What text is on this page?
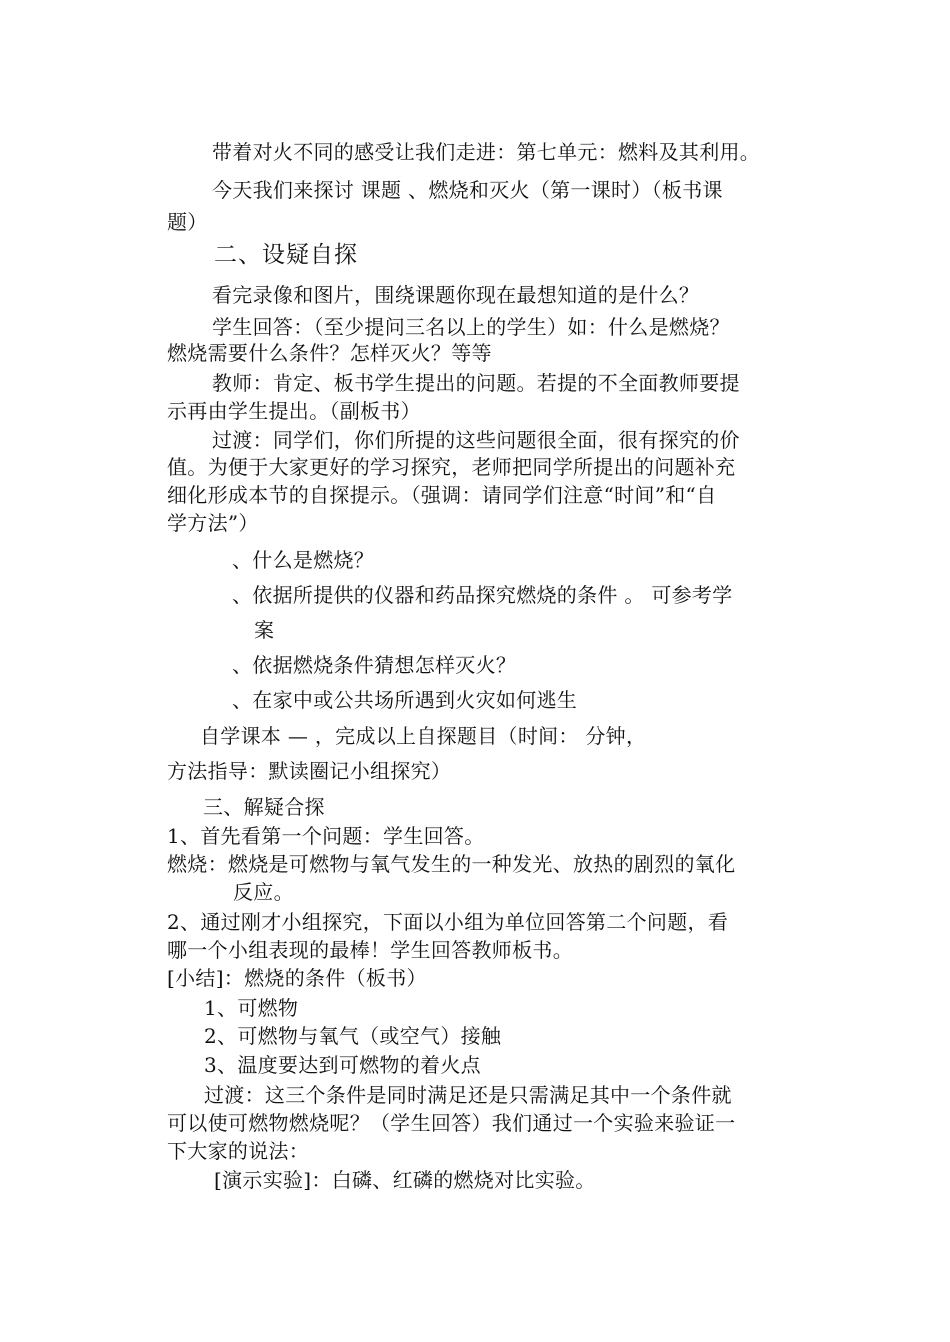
带着对火不同的感受让我们走进：第七单元：燃料及其利用。
今天我们来探讨 课题 、燃烧和灭火（第一课时）（板书课
题）
二、设疑自探
看完录像和图片，围绕课题你现在最想知道的是什么？
学生回答：（至少提问三名以上的学生）如：什么是燃烧？
燃烧需要什么条件？怎样灭火？等等
教师：肯定、板书学生提出的问题。若提的不全面教师要提
示再由学生提出。（副板书）
过渡：同学们，你们所提的这些问题很全面，很有探究的价
值。为便于大家更好的学习探究，老师把同学所提出的问题补充
细化形成本节的自探提示。（强调：请同学们注意“时间”和“自
学方法”）
、什么是燃烧？
、依据所提供的仪器和药品探究燃烧的条件 。 可参考学
案
、依据燃烧条件猜想怎样灭火？
、在家中或公共场所遇到火灾如何逃生
自学课本 — ，完成以上自探题目（时间： 分钟，
方法指导：默读圈记小组探究）
三、解疑合探
1、首先看第一个问题：学生回答。
燃烧：燃烧是可燃物与氧气发生的一种发光、放热的剧烈的氧化
反应。
2、通过刚才小组探究，下面以小组为单位回答第二个问题，看
哪一个小组表现的最棒！学生回答教师板书。
[小结]：燃烧的条件（板书）
1、可燃物
2、可燃物与氧气（或空气）接触
3、温度要达到可燃物的着火点
过渡：这三个条件是同时满足还是只需满足其中一个条件就
可以使可燃物燃烧呢？（学生回答）我们通过一个实验来验证一
下大家的说法：
[演示实验]：白磷、红磷的燃烧对比实验。
